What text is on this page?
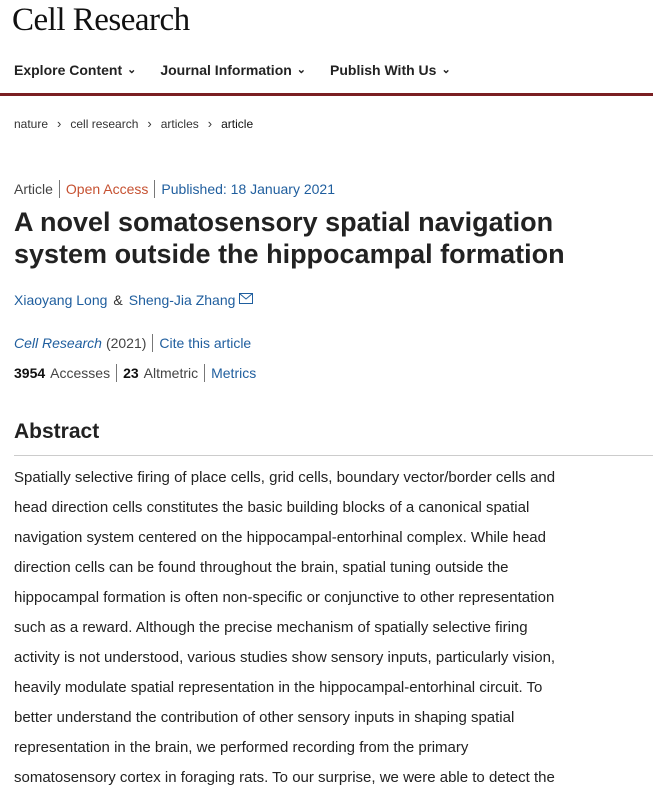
Cell Research
Explore Content ⌄ Journal Information ⌄ Publish With Us ⌄
nature › cell research › articles › article
Article Open Access Published: 18 January 2021
A novel somatosensory spatial navigation
system outside the hippocampal formation
Xiaoyang Long & Sheng-Jia Zhang
Cell Research (2021) Cite this article
3954 Accesses 23 Altmetric Metrics
Abstract
Spatially selective firing of place cells, grid cells, boundary vector/border cells and
head direction cells constitutes the basic building blocks of a canonical spatial
navigation system centered on the hippocampal-entorhinal complex. While head
direction cells can be found throughout the brain, spatial tuning outside the
hippocampal formation is often non-specific or conjunctive to other representation
such as a reward. Although the precise mechanism of spatially selective firing
activity is not understood, various studies show sensory inputs, particularly vision,
heavily modulate spatial representation in the hippocampal-entorhinal circuit. To
better understand the contribution of other sensory inputs in shaping spatial
representation in the brain, we performed recording from the primary
somatosensory cortex in foraging rats. To our surprise, we were able to detect the
